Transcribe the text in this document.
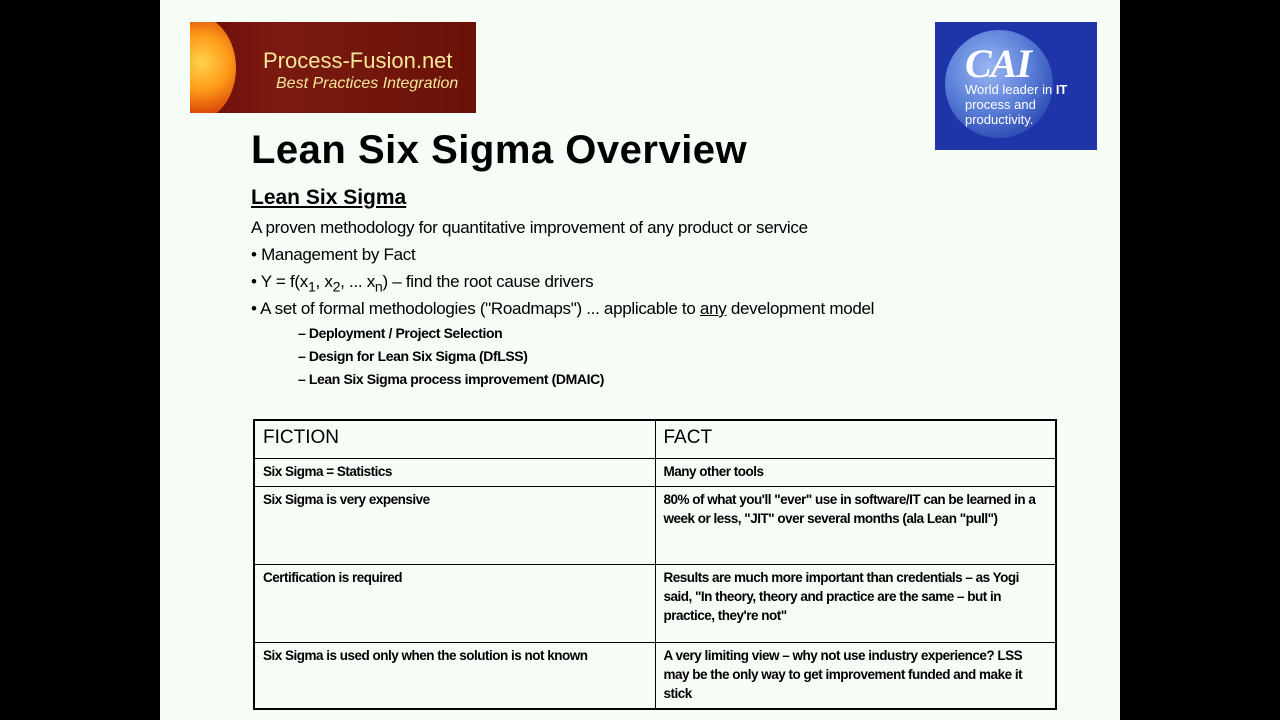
Process-Fusion.net
Best Practices Integration	CAI
World leader in IT process and productivity.
Lean Six Sigma Overview
Lean Six Sigma
A proven methodology for quantitative improvement of any product or service
• Management by Fact
• $Y = f(x_1$, $x_2$, ... $x_n$) – find the root cause drivers
• A set of formal methodologies ("Roadmaps") ... applicable to any development model
– Deployment / Project Selection
– Design for Lean Six Sigma (DfLSS)
– Lean Six Sigma process improvement (DMAIC)
FICTION	FACT
Six Sigma = Statistics	Many other tools
Six Sigma is very expensive	80% of what you'll "ever" use in software/IT can be learned in a week or less, "JIT" over several months (ala Lean "pull")
Certification is required	Results are much more important than credentials – as Yogi said, "In theory, theory and practice are the same – but in practice, they're not"
Six Sigma is used only when the solution is not known	A very limiting view – why not use industry experience? LSS may be the only way to get improvement funded and make it stick
